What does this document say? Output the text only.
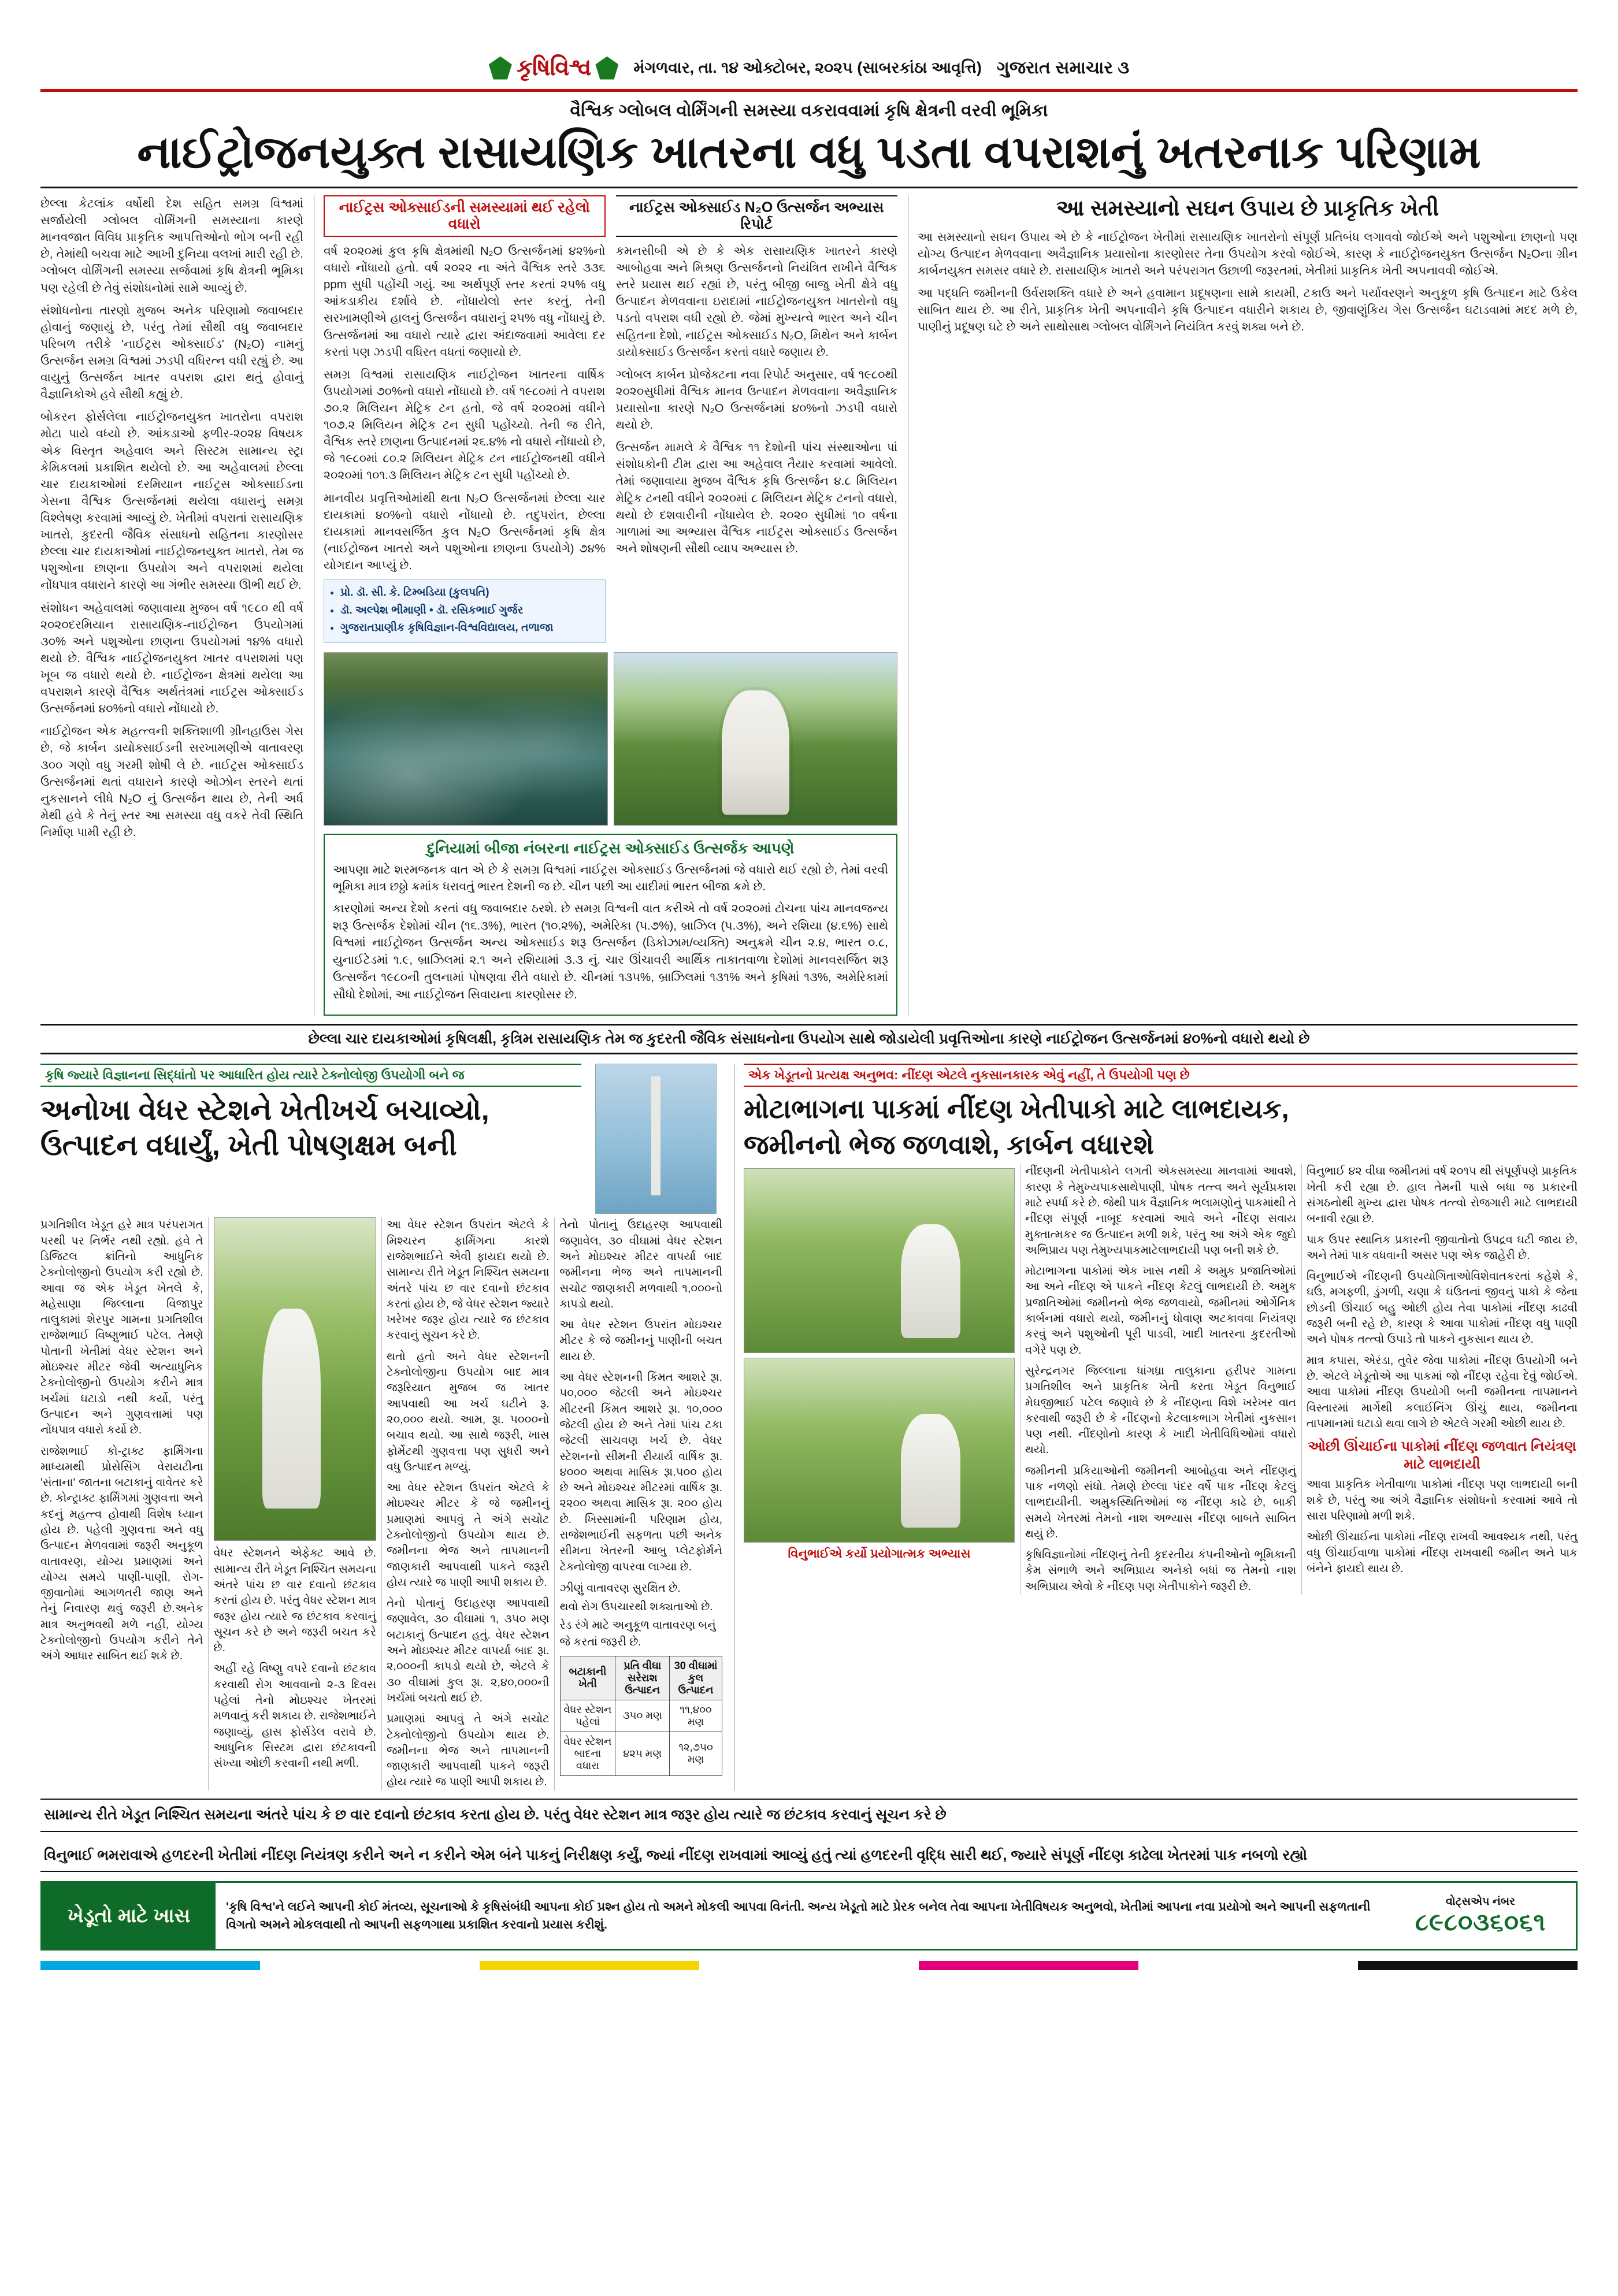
કૃષિવિશ્વ	મંગળવાર, તા. ૧૪ ઓક્ટોબર, ૨૦૨૫ (સાબરકાંઠા આવૃત્તિ) ગુજરાત સમાચાર ૩
વૈશ્વિક ગ્લોબલ વોર્મિંગની સમસ્યા વકરાવવામાં કૃષિ ક્ષેત્રની વરવી ભૂમિકા
નાઈટ્રોજનયુક્ત રાસાયણિક ખાતરના વધુ પડતા વપરાશનું ખતરનાક પરિણામ

છેલ્લા કેટલાંક વર્ષોથી દેશ સહિત સમગ્ર વિશ્વમાં સર્જાયેલી ગ્લોબલ વોર્મિંગની સમસ્યાના કારણે માનવજાત વિવિધ પ્રાકૃતિક આપત્તિઓનો ભોગ બની રહી છે, તેમાંથી બચવા માટે આખી દુનિયા વલખાં મારી રહી છે. ગ્લોબલ વોર્મિંગની સમસ્યા સર્જવામાં કૃષિ ક્ષેત્રની ભૂમિકા પણ રહેલી છે તેવું સંશોધનોમાં સામે આવ્યું છે.

સંશોધનોના તારણો મુજબ અનેક પરિણામો જવાબદાર હોવાનું જણાયું છે, પરંતુ તેમાં સૌથી વધુ જવાબદાર પરિબળ તરીકે 'નાઈટ્રસ ઓક્સાઈડ' (N₂O) નામનું ઉત્સર્જન સમગ્ર વિશ્વમાં ઝડપી વધિરત્ન વધી રહ્યું છે. આ વાયુનું ઉત્સર્જન ખાતર વપરાશ દ્વારા થતું હોવાનું વૈજ્ઞાનિકોએ હવે સૌથી કહ્યું છે.

બોકરન ફોર્સલેલા નાઈટ્રોજનયુક્ત ખાતરોના વપરાશ મોટા પાયે વધ્યો છે. આંકડાઓ ફળીર-૨૦૨૪ વિષયક એક વિસ્તૃત અહેવાલ અને સિસ્ટમ સામાન્ય સ્ટ્રા કેમિકલમાં પ્રકાશિત થયેલો છે. આ અહેવાલમાં છેલ્લા ચાર દાયકાઓમાં દરમિયાન નાઈટ્રસ ઓક્સાઈડના ગેસના વૈશ્વિક ઉત્સર્જનમાં થયેલા વધારાનું સમગ્ર વિશ્લેષણ કરવામાં આવ્યું છે. ખેતીમાં વપરાતાં રાસાયણિક ખાતરો, કુદરતી જૈવિક સંસાધનો સહિતના કારણોસર છેલ્લા ચાર દાયકાઓમાં નાઈટ્રોજનયુક્ત ખાતરો, તેમ જ પશુઓના છાણના ઉપયોગ અને વપરાશમાં થયેલા નોંધપાત્ર વધારાને કારણે આ ગંભીર સમસ્યા ઊભી થઈ છે.

સંશોધન અહેવાલમાં જણાવાયા મુજબ વર્ષ ૧૯૮૦ થી વર્ષ ૨૦૨૦દરમિયાન રાસાયણિક-નાઈટ્રોજન ઉપયોગમાં ૩૦% અને પશુઓના છાણના ઉપયોગમાં ૧૪% વધારો થયો છે. વૈશ્વિક નાઈટ્રોજનયુક્ત ખાતર વપરાશમાં પણ ખૂબ જ વધારો થયો છે. નાઈટ્રોજન ક્ષેત્રમાં થયેલા આ વપરાશને કારણે વૈશ્વિક અર્થતંત્રમાં નાઈટ્રસ ઓક્સાઈડ ઉત્સર્જનમાં ૪૦%નો વધારો નોંધાયો છે.

નાઈટ્રોજન એક મહત્ત્વની શક્તિશાળી ગ્રીનહાઉસ ગેસ છે, જે કાર્બન ડાયોક્સાઈડની સરખામણીએ વાતાવરણ ૩૦૦ ગણો વધુ ગરમી શોષી લે છે. નાઈટ્રસ ઓક્સાઈડ ઉત્સર્જનમાં થતાં વધારાને કારણે ઓઝોન સ્તરને થતાં નુકસાનને લીધે N₂O નું ઉત્સર્જન થાય છે, તેની અર્ધ મેથી હવે કે તેનું સ્તર આ સમસ્યા વધુ વકરે તેવી સ્થિતિ નિર્માણ પામી રહી છે.

નાઈટ્રસ ઓક્સાઈડની સમસ્યામાં થઈ રહેલો વધારો

વર્ષ ૨૦૨૦માં કુલ કૃષિ ક્ષેત્રમાંથી N₂O ઉત્સર્જનમાં ૪૨%નો વધારો નોંધાયો હતો. વર્ષ ૨૦૨૨ ના અંતે વૈશ્વિક સ્તરે ૩૩૬ ppm સુધી પહોંચી ગયું. આ અર્થપૂર્ણ સ્તર કરતાં ૨૫% વધુ આંકડાકીય દર્શાવે છે. નોંધાયેલો સ્તર કરતું, તેની સરખામણીએ હાલનું ઉત્સર્જન વધારાનું ૨૫% વધુ નોંધાયું છે. ઉત્સર્જનમાં આ વધારો ત્યારે દ્વારા અંદાજવામાં આવેલા દર કરતાં પણ ઝડપી વધિરત વધતાં જણાયો છે.

સમગ્ર વિશ્વમાં રાસાયણિક નાઈટ્રોજન ખાતરના વાર્ષિક ઉપયોગમાં ૭૦%નો વધારો નોંધાયો છે. વર્ષ ૧૯૮૦માં તે વપરાશ ૭૦.૨ મિલિયન મેટ્રિક ટન હતો, જે વર્ષ ૨૦૨૦માં વધીને ૧૦૭.૨ મિલિયન મેટ્રિક ટન સુધી પહોંચ્યો. તેની જ રીતે, વૈશ્વિક સ્તરે છાણના ઉત્પાદનમાં ૨૬.૪% નો વધારો નોંધાયો છે, જે ૧૯૮૦માં ૮૦.૨ મિલિયન મેટ્રિક ટન નાઈટ્રોજનથી વધીને ૨૦૨૦માં ૧૦૧.૩ મિલિયન મેટ્રિક ટન સુધી પહોંચ્યો છે.

માનવીય પ્રવૃત્તિઓમાંથી થતા N₂O ઉત્સર્જનમાં છેલ્લા ચાર દાયકામાં ૪૦%નો વધારો નોંધાયો છે. તદુપરાંત, છેલ્લા દાયકામાં માનવસર્જિત કુલ N₂O ઉત્સર્જનમાં કૃષિ ક્ષેત્ર (નાઈટ્રોજન ખાતરો અને પશુઓના છાણના ઉપયોગે) ૭૪% યોગદાન આપ્યું છે.

• પ્રો. ડૉ. સી. કે. ટિમ્બડિયા (કુલપતિ)
• ડૉ. અલ્પેશ ભીમાણી • ડૉ. રસિકભાઈ ગુર્જર
• ગુજરાતપ્રાણીક કૃષિવિજ્ઞાન-વિશ્વવિદ્યાલય, તળાજા
નાઈટ્રસ ઓક્સાઈડ N₂O ઉત્સર્જન અભ્યાસ રિપોર્ટ

કમનસીબી એ છે કે એક રાસાયણિક ખાતરને કારણે આબોહવા અને મિશ્રણ ઉત્સર્જનનો નિયંત્રિત રાખીને વૈશ્વિક સ્તરે પ્રયાસ થઈ રહ્યાં છે, પરંતુ બીજી બાજુ ખેતી ક્ષેત્રે વધુ ઉત્પાદન મેળવવાના ઇરાદામાં નાઈટ્રોજનયુક્ત ખાતરોનો વધુ પડતો વપરાશ વધી રહ્યો છે. જેમાં મુખ્યત્વે ભારત અને ચીન સહિતના દેશો, નાઈટ્રસ ઓક્સાઈડ N₂O, મિથેન અને કાર્બન ડાયોક્સાઈડ ઉત્સર્જન કરતાં વધારે જણાય છે.

ગ્લોબલ કાર્બન પ્રોજેક્ટના નવા રિપોર્ટ અનુસાર, વર્ષ ૧૯૮૦થી ૨૦૨૦સુધીમાં વૈશ્વિક માનવ ઉત્પાદન મેળવવાના અવૈજ્ઞાનિક પ્રયાસોના કારણે N₂O ઉત્સર્જનમાં ૪૦%નો ઝડપી વધારો થયો છે.

ઉત્સર્જન મામલે કે વૈશ્વિક ૧૧ દેશોની પાંચ સંસ્થાઓના પાં સંશોધકોની ટીમ દ્વારા આ અહેવાલ તૈયાર કરવામાં આવેલો. તેમાં જણાવાયા મુજબ વૈશ્વિક કૃષિ ઉત્સર્જન ૪.૮ મિલિયન મેટ્રિક ટનથી વધીને ૨૦૨૦માં ૮ મિલિયન મેટ્રિક ટનનો વધારો, થયો છે દશવારીની નોંધાયેલ છે. ૨૦૨૦ સુધીમાં ૧૦ વર્ષના ગાળામાં આ અભ્યાસ વૈશ્વિક નાઈટ્રસ ઓક્સાઈડ ઉત્સર્જન અને શોષણની સૌથી વ્યાપ અભ્યાસ છે.

દુનિયામાં બીજા નંબરના નાઈટ્રસ ઓક્સાઈડ ઉત્સર્જક આપણે

આપણા માટે શરમજનક વાત એ છે કે સમગ્ર વિશ્વમાં નાઈટ્રસ ઓક્સાઈડ ઉત્સર્જનમાં જે વધારો થઈ રહ્યો છે, તેમાં વરવી ભૂમિકા માત્ર છઠ્ઠો ક્રમાંક ધરાવતું ભારત દેશની જ છે. ચીન પછી આ યાદીમાં ભારત બીજા ક્રમે છે.

કારણોમાં અન્ય દેશો કરતાં વધુ જવાબદાર ઠરશે. છે સમગ્ર વિશ્વની વાત કરીએ તો વર્ષ ૨૦૨૦માં ટોચના પાંચ માનવજન્ય શરૂ ઉત્સર્જક દેશોમાં ચીન (૧૬.૩%), ભારત (૧૦.૨%), અમેરિકા (૫.૭%), બ્રાઝિલ (૫.૩%), અને રશિયા (૪.૬%) સાથે વિશ્વમાં નાઈટ્રોજન ઉત્સર્જન અન્ય ઓક્સાઈડ શરૂ ઉત્સર્જન (ડિકોઝામ/વ્યક્તિ) અનુક્રમે ચીન ૨.૪, ભારત ૦.૮, યુનાઈટેડમાં ૧.૯, બ્રાઝિલમાં ૨.૧ અને રશિયામાં ૩.૩ નું. ચાર ઊંચાવરી આર્થિક તાકાતવાળા દેશોમાં માનવસર્જિત શરૂ ઉત્સર્જન ૧૯૮૦ની તુલનામાં પોષણવા રીતે વધારો છે. ચીનમાં ૧૩૫%, બ્રાઝિલમાં ૧૩૧% અને કૃષિમાં ૧૩%, અમેરિકામાં સૌધો દેશોમાં, આ નાઈટ્રોજન સિવાયના કારણોસર છે.

આ સમસ્યાનો સઘન ઉપાય છે પ્રાકૃતિક ખેતી

આ સમસ્યાનો સઘન ઉપાય એ છે કે નાઈટ્રોજન ખેતીમાં રાસાયણિક ખાતરોનો સંપૂર્ણ પ્રતિબંધ લગાવવો જોઈએ અને પશુઓના છાણનો પણ યોગ્ય ઉત્પાદન મેળવવાના અવૈજ્ઞાનિક પ્રયાસોના કારણોસર તેના ઉપયોગ કરવો જોઈએ, કારણ કે નાઈટ્રોજનયુક્ત ઉત્સર્જન N₂Oના ગ્રીન કાર્બનયુક્ત સમસર વધારે છે. રાસાયણિક ખાતરો અને પરંપરાગત ઉછાળી જરૂરતમાં, ખેતીમાં પ્રાકૃતિક ખેતી અપનાવવી જોઈએ.

આ પદ્ધતિ જમીનની ઉર્વરાશક્તિ વધારે છે અને હવામાન પ્રદૂષણના સામે કાયમી, ટકાઉ અને પર્યાવરણને અનુકૂળ કૃષિ ઉત્પાદન માટે ઉકેલ સાબિત થાય છે. આ રીતે, પ્રાકૃતિક ખેતી અપનાવીને કૃષિ ઉત્પાદન વધારીને શકાય છે, જીવાણુંકિય ગેસ ઉત્સર્જન ઘટાડવામાં મદદ મળે છે, પાણીનું પ્રદૂષણ ઘટે છે અને સાથોસાથ ગ્લોબલ વોર્મિંગને નિયંત્રિત કરવું શક્ય બને છે.

છેલ્લા ચાર દાયકાઓમાં કૃષિલક્ષી, કૃત્રિમ રાસાયણિક તેમ જ કુદરતી જૈવિક સંસાધનોના ઉપયોગ સાથે જોડાયેલી પ્રવૃત્તિઓના કારણે નાઈટ્રોજન ઉત્સર્જનમાં ૪૦%નો વધારો થયો છે
કૃષિ જ્યારે વિજ્ઞાનના સિદ્ધાંતો પર આધારિત હોય ત્યારે ટેક્નોલોજી ઉપયોગી બને જ
અનોખા વેધર સ્ટેશને ખેતીખર્ચ બચાવ્યો, ઉત્પાદન વધાર્યું, ખેતી પોષણક્ષમ બની

પ્રગતિશીલ ખેડૂત હરે માત્ર પરંપરાગત પરથી પર નિર્ભર નથી રહ્યો. હવે તે ડિજિટલ ક્રાંતિનો આધુનિક ટેક્નોલોજીનો ઉપયોગ કરી રહ્યો છે. આવા જ એક ખેડૂત ખેતલે કે, મહેસાણા જિલ્લાના વિજાપુર તાલુકામાં શેરપુર ગામના પ્રગતિશીલ રાજેશભાઈ વિષ્ણુભાઈ પટેલ. તેમણે પોતાની ખેતીમાં વેધર સ્ટેશન અને મોઇશ્ચર મીટર જેવી અત્યાધુનિક ટેક્નોલોજીનો ઉપયોગ કરીને માત્ર ખર્ચમાં ઘટાડો નથી કર્યો, પરંતુ ઉત્પાદન અને ગુણવત્તામાં પણ નોંધપાત્ર વધારો કર્યો છે.

રાજેશભાઈ કો-ટ્રાક્ટ ફાર્મિંગના માધ્યમથી પ્રોસેસિંગ વેરાયટીના 'સંતાના' જાતના બટાકાનું વાવેતર કરે છે. કોન્ટ્રાક્ટ ફાર્મિંગમાં ગુણવત્તા અને કદનું મહત્ત્વ હોવાથી વિશેષ ધ્યાન હોય છે. પહેલી ગુણવત્તા અને વધુ ઉત્પાદન મેળવવામાં જરૂરી અનુકૂળ વાતાવરણ, યોગ્ય પ્રમાણમાં અને યોગ્ય સમયે પાણી-પાણી, રોગ-જીવાતોમાં આગળતરી જાણ અને તેનું નિવારણ થવું જરૂરી છે.અનેક માત્ર અનુભવથી મળે નહીં, યોગ્ય ટેક્નોલોજીનો ઉપયોગ કરીને તેને અંગે આધાર સાબિત થઈ શકે છે.

વેધર સ્ટેશનને એફેક્ટ આવે છે. સામાન્ય રીતે ખેડૂત નિશ્ચિત સમયના અંતરે પાંચ છ વાર દવાનો છંટકાવ કરતાં હોય છે. પરંતુ વેધર સ્ટેશન માત્ર જરૂર હોય ત્યારે જ છંટકાવ કરવાનું સૂચન કરે છે અને જરૂરી બચત કરે છે.

અહીં રહે વિષ્ણુ વપરે દવાનો છંટકાવ કરવાથી રોગ આવવાનો ૨-૩ દિવસ પહેલાં તેનો મોઇશ્ચર ખેતરમાં મળવાનું કરી શકાય છે. રાજેશભાઈને જણાવ્યું, હાસ ફોર્સડેલ વરાવે છે. આધુનિક સિસ્ટમ દ્વારા છંટકાવની સંખ્યા ઓછી કરવાની નથી મળી.

આ વેધર સ્ટેશન ઉપરાંત એટલે કે મિશ્ચરન ફાર્મિંગના કારશે રાજેશભાઈને એવી ફાયદા થયો છે. સામાન્ય રીતે ખેડૂત નિશ્ચિત સમયના અંતરે પાંચ છ વાર દવાનો છંટકાવ કરતાં હોય છે, જે વેધર સ્ટેશન જ્યારે ખરેખર જરૂર હોય ત્યારે જ છંટકાવ કરવાનું સૂચન કરે છે.

થતો હતો અને વેધર સ્ટેશનની ટેક્નોલોજીના ઉપયોગ બાદ માત્ર જરૂરિયાત મુજબ જ ખાતર આપવાથી આ ખર્ચ ઘટીને રૂ. ૨૦,૦૦૦ થયો. આમ, રૂા. ૫૦૦૦નો બચાવ થયો. આ સાથે જરૂરી, ખાસ ફોર્મેટથી ગુણવત્તા પણ સુધરી અને વધુ ઉત્પાદન મળ્યું.

આ વેધર સ્ટેશન ઉપરાંત એટલે કે મોઇશ્ચર મીટર કે જે જમીનનું પ્રમાણમાં આપવું તે અંગે સચોટ ટેક્નોલોજીનો ઉપયોગ થાય છે. જમીનના ભેજ અને તાપમાનની જાણકારી આપવાથી પાકને જરૂરી હોય ત્યારે જ પાણી આપી શકાય છે.

તેનો પોતાનું ઉદાહરણ આપવાથી જણાવેલ, ૩૦ વીઘામાં ૧, ૩૫૦ મણ બટાકાનું ઉત્પાદન હતું. વેધર સ્ટેશન અને મોઇશ્ચર મીટર વાપર્યા બાદ રૂા. ૨,૦૦૦ની કાપડો થયો છે, એટલે કે ૩૦ વીઘામાં કુલ રૂા. ૨,૪૦,૦૦૦ની ખર્ચમાં બચતો થઈ છે.

પ્રમાણમાં આપવું તે અંગે સચોટ ટેક્નોલોજીનો ઉપયોગ થાય છે. જમીનના ભેજ અને તાપમાનની જાણકારી આપવાથી પાકને જરૂરી હોય ત્યારે જ પાણી આપી શકાય છે.

તેનો પોતાનું ઉદાહરણ આપવાથી જણાવેલ, ૩૦ વીઘામાં વેધર સ્ટેશન અને મોઇશ્ચર મીટર વાપર્યા બાદ જમીનના ભેજ અને તાપમાનની સચોટ જાણકારી મળવાથી ૧,૦૦૦નો કાપડો થયો.

આ વેધર સ્ટેશન ઉપરાંત મોઇશ્ચર મીટર કે જે જમીનનું પાણીની બચત થાય છે.

આ વેધર સ્ટેશનની કિંમત આશરે રૂા. ૫૦,૦૦૦ જેટલી અને મોઇશ્ચર મીટરની કિંમત આશરે રૂા. ૧૦,૦૦૦ જેટલી હોય છે અને તેમાં પાંચ ટકા જેટલી સાચવણ ખર્ચ છે. વેધર સ્ટેશનનો સીમની રીયાર્ય વાર્ષિક રૂા. ૪૦૦૦ અથવા માસિક રૂા.૫૦૦ હોય છે અને મોઇશ્ચર મીટરમાં વાર્ષિક રૂા. ૨૨૦૦ અથવા માસિક રૂા. ૨૦૦ હોય છે. ખિસ્સામાંની પરિણામ હોય, રાજેશભાઈની સફળતા પછી અનેક સીમના ખેતરની આબુ પ્લેટફોર્મને ટેક્નોલોજી વાપરવા લાગ્યા છે.

ઝીણું વાતાવરણ સુરક્ષિત છે.
થવો રોગ ઉપચારથી શક્યતાઓ છે.
રેડ રંગે માટે અનુકૂળ વાતાવરણ બનું જે કરતાં જરૂરી છે.
બટાકાની ખેતી	પ્રતિ વીઘા સરેરાશ ઉત્પાદન	30 વીઘામાં કુલ ઉત્પાદન
વેધર સ્ટેશન પહેલાં	૩૫૦ મણ	૧૧,૪૦૦ મણ
વેધર સ્ટેશન બાદના વધારા	૪૨૫ મણ	૧૨,૭૫૦ મણ
એક ખેડૂતનો પ્રત્યક્ષ અનુભવ: નીંદણ એટલે નુકસાનકારક એવું નહીં, તે ઉપયોગી પણ છે
મોટાભાગના પાકમાં નીંદણ ખેતીપાકો માટે લાભદાયક,
જમીનનો ભેજ જળવાશે, કાર્બન વધારશે
વિનુભાઈએ કર્યો પ્રયોગાત્મક અભ્યાસ

નીંદણની ખેતીપાકોને લગતી એકસમસ્યા માનવામાં આવશે, કારણ કે તેમુખ્યપાકસાથેપાણી, પોષક તત્ત્વ અને સૂર્યપ્રકાશ માટે સ્પર્ધા કરે છે. જેથી પાક વૈજ્ઞાનિક ભલામણોનું પાકમાંથી તે નીંદણ સંપૂર્ણ નાબૂદ કરવામાં આવે અને નીંદણ સવાય મુક્તાત્મકર જ ઉત્પાદન મળી શકે, પરંતુ આ અંગે એક જુદો અભિપ્રાય પણ તેમુખ્યપાકમાટેલાભદાયી પણ બની શકે છે.

મોટાભાગના પાકોમાં એક ખાસ નથી કે અમુક પ્રજાતિઓમાં આ અને નીંદણ એ પાકને નીંદણ કેટલું લાભદાયી છે. અમુક પ્રજાતિઓમાં જમીનનો ભેજ જળવાયો, જમીનમાં ઓર્ગેનિક કાર્બનમાં વધારો થયો, જમીનનું ધોવાણ અટકાવવા નિયંત્રણ કરવું અને પશુઓની પૂરી પાડવી, ખાદી ખાતરના કુદરતીઓ વગેરે પણ છે.

સુરેન્દ્રનગર જિલ્લાના ધાંગધ્રા તાલુકાના હરીપર ગામના પ્રગતિશીલ અને પ્રાકૃતિક ખેતી કરતા ખેડૂત વિનુભાઈ મેઘજીભાઈ પટેલ જણાવે છે કે નીંદણના વિશે ખરેખર વાત કરવાથી જરૂરી છે કે નીંદણનો કેટલાકભાગ ખેતીમાં નુકસાન પણ નથી. નીંદણોનો કારણ કે ખાદી ખેતીવિધિઓમાં વધારો થયો.

જમીનની પ્રકિયાઓની જમીનની આબોહવા અને નીંદણનું પાક નળણો સંધો. તેમણે છેલ્લા પંદર વર્ષે પાક નીંદણ કેટલું લાભદાયીની. અમુકસ્થિતિઓમાં જ નીંદણ કાઢે છે, બાકી સમયે ખેતરમાં તેમનો નાશ અભ્યાસ નીંદણ બાબતે સાબિત થયું છે.

કૃષિવિજ્ઞાનોમાં નીંદણનું તેની કૃદરતીય કંપનીઓનો ભૂમિકાની કેમ સંભાળે અને અભિપ્રાય અનેકો બધાં જ તેમનો નાશ અભિપ્રાય એવો કે નીંદણ પણ ખેતીપાકોને જરૂરી છે.

વિનુભાઈ ૪૨ વીઘા જમીનમાં વર્ષ ૨૦૧૫ થી સંપૂર્ણપણે પ્રાકૃતિક ખેતી કરી રહ્યા છે. હાલ તેમની પાસે બધા જ પ્રકારની સંગઠનોથી મુખ્ય દ્વારા પોષક તત્ત્વો રોજગારી માટે લાભદાયી બનાવી રહ્યા છે.

પાક ઉપર સ્થાનિક પ્રકારની જીવાતોનો ઉપદ્રવ ઘટી જાય છે, અને તેમાં પાક વધવાની અસર પણ એક જાહેરી છે.

વિનુભાઈએ નીંદણની ઉપયોગિતાઓવિશેવાતકરતાં કહેશે કે, ઘઉં, મગફળી, ડુંગળી, ચણા કે ઘંઉતનાં જીવનું પાકો કે જેના છોડની ઊંચાઈ બહુ ઓછી હોય તેવા પાકોમાં નીંદણ કાઢવી જરૂરી બની રહે છે, કારણ કે આવા પાકોમાં નીંદણ વધુ પાણી અને પોષક તત્ત્વો ઉપાડે તો પાકને નુકસાન થાય છે.

માત્ર કપાસ, એરંડા, તુવેર જેવા પાકોમાં નીંદણ ઉપયોગી બને છે. એટલે ખેડૂતોએ આ પાકમાં જો નીંદણ રહેવા દેવું જોઈએ. આવા પાકોમાં નીંદણ ઉપયોગી બની જમીનના તાપમાનને વિસ્તારમાં માર્ગેથી કલાઈનિંગ ઊંચું થાય, જમીનના તાપમાનમાં ઘટાડો થવા લાગે છે એટલે ગરમી ઓછી થાય છે.

ઓછી ઊંચાઈના પાકોમાં નીંદણ જળવાત નિયંત્રણ માટે લાભદાયી

આવા પ્રાકૃતિક ખેતીવાળા પાકોમાં નીંદણ પણ લાભદાયી બની શકે છે, પરંતુ આ અંગે વૈજ્ઞાનિક સંશોધનો કરવામાં આવે તો સારા પરિણામો મળી શકે.

ઓછી ઊંચાઈના પાકોમાં નીંદણ રાખવી આવશ્યક નથી, પરંતુ વધુ ઊંચાઈવાળા પાકોમાં નીંદણ રાખવાથી જમીન અને પાક બંનેને ફાયદો થાય છે.

સામાન્ય રીતે ખેડૂત નિશ્ચિત સમયના અંતરે પાંચ કે છ વાર દવાનો છંટકાવ કરતા હોય છે. પરંતુ વેધર સ્ટેશન માત્ર જરૂર હોય ત્યારે જ છંટકાવ કરવાનું સૂચન કરે છે
વિનુભાઈ ભમરાવાએ હળદરની ખેતીમાં નીંદણ નિયંત્રણ કરીને અને ન કરીને એમ બંને પાકનું નિરીક્ષણ કર્યું, જ્યાં નીંદણ રાખવામાં આવ્યું હતું ત્યાં હળદરની વૃદ્ધિ સારી થઈ, જ્યારે સંપૂર્ણ નીંદણ કાઢેલા ખેતરમાં પાક નબળો રહ્યો
ખેડૂતો માટે ખાસ	'કૃષિ વિશ્વ'ને લઈને આપની કોઈ મંતવ્ય, સૂચનાઓ કે કૃષિસંબંધી આપના કોઈ પ્રશ્ન હોય તો અમને મોકલી આપવા વિનંતી. અન્ય ખેડૂતો માટે પ્રેરક બનેલ તેવા આપના ખેતીવિષયક અનુભવો, ખેતીમાં આપના નવા પ્રયોગો અને આપની સફળતાની વિગતો અમને મોકલવાથી તો આપની સફળગાથા પ્રકાશિત કરવાનો પ્રયાસ કરીશું.
વોટ્સએપ નંબર
૮૯૮૦૩૬૦૬૧
